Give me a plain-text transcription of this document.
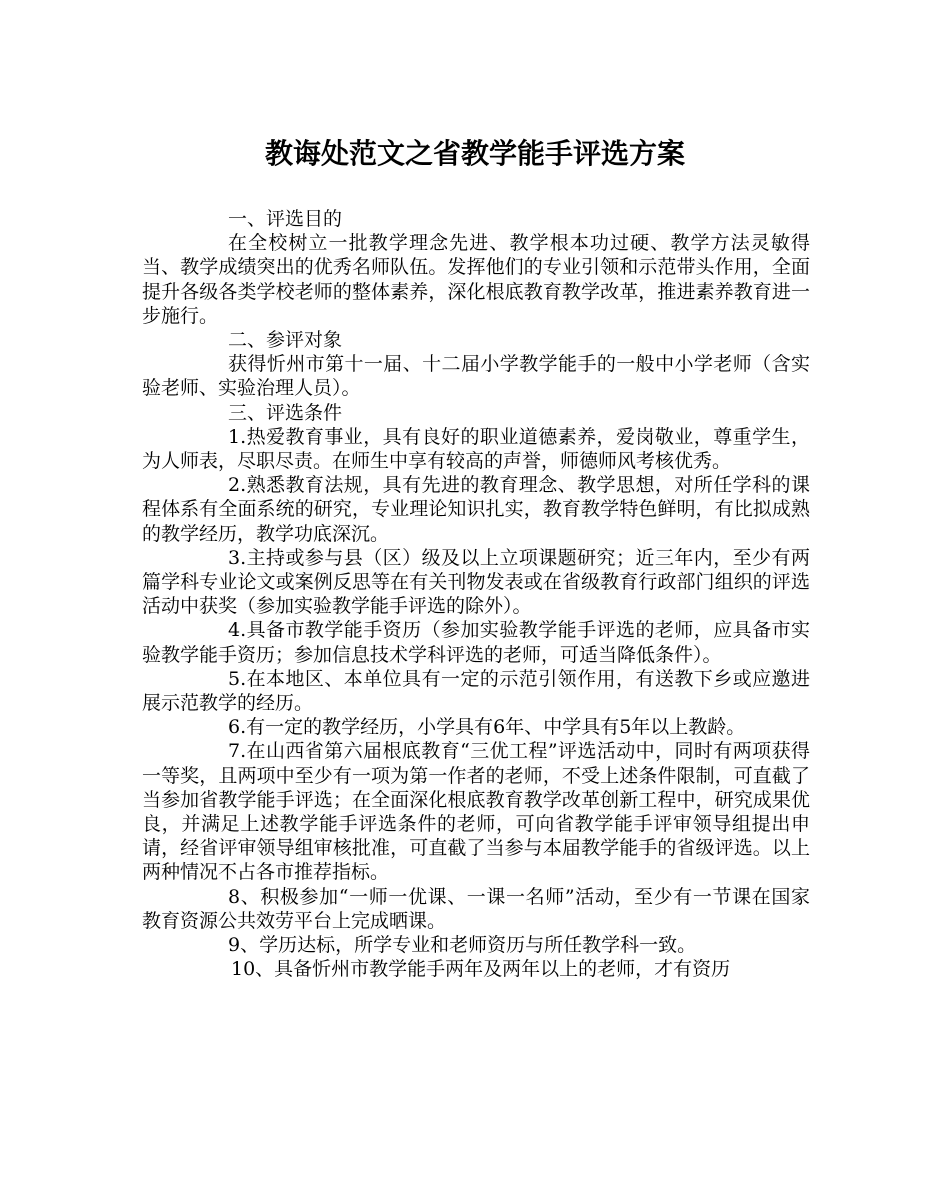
教诲处范文之省教学能手评选方案

一、评选目的

在全校树立一批教学理念先进、教学根本功过硬、教学方法灵敏得当、教学成绩突出的优秀名师队伍。发挥他们的专业引领和示范带头作用，全面提升各级各类学校老师的整体素养，深化根底教育教学改革，推进素养教育进一步施行。

二、参评对象

获得忻州市第十一届、十二届小学教学能手的一般中小学老师（含实验老师、实验治理人员）。

三、评选条件

1.热爱教育事业，具有良好的职业道德素养，爱岗敬业，尊重学生，为人师表，尽职尽责。在师生中享有较高的声誉，师德师风考核优秀。

2.熟悉教育法规，具有先进的教育理念、教学思想，对所任学科的课程体系有全面系统的研究，专业理论知识扎实，教育教学特色鲜明，有比拟成熟的教学经历，教学功底深沉。

3.主持或参与县（区）级及以上立项课题研究；近三年内，至少有两篇学科专业论文或案例反思等在有关刊物发表或在省级教育行政部门组织的评选活动中获奖（参加实验教学能手评选的除外）。

4.具备市教学能手资历（参加实验教学能手评选的老师，应具备市实验教学能手资历；参加信息技术学科评选的老师，可适当降低条件）。

5.在本地区、本单位具有一定的示范引领作用，有送教下乡或应邀进展示范教学的经历。

6.有一定的教学经历，小学具有6年、中学具有5年以上教龄。

7.在山西省第六届根底教育“三优工程”评选活动中，同时有两项获得一等奖，且两项中至少有一项为第一作者的老师，不受上述条件限制，可直截了当参加省教学能手评选；在全面深化根底教育教学改革创新工程中，研究成果优良，并满足上述教学能手评选条件的老师，可向省教学能手评审领导组提出申请，经省评审领导组审核批准，可直截了当参与本届教学能手的省级评选。以上两种情况不占各市推荐指标。

8、积极参加“一师一优课、一课一名师”活动，至少有一节课在国家教育资源公共效劳平台上完成晒课。

9、学历达标，所学专业和老师资历与所任教学科一致。

10、具备忻州市教学能手两年及两年以上的老师，才有资历
